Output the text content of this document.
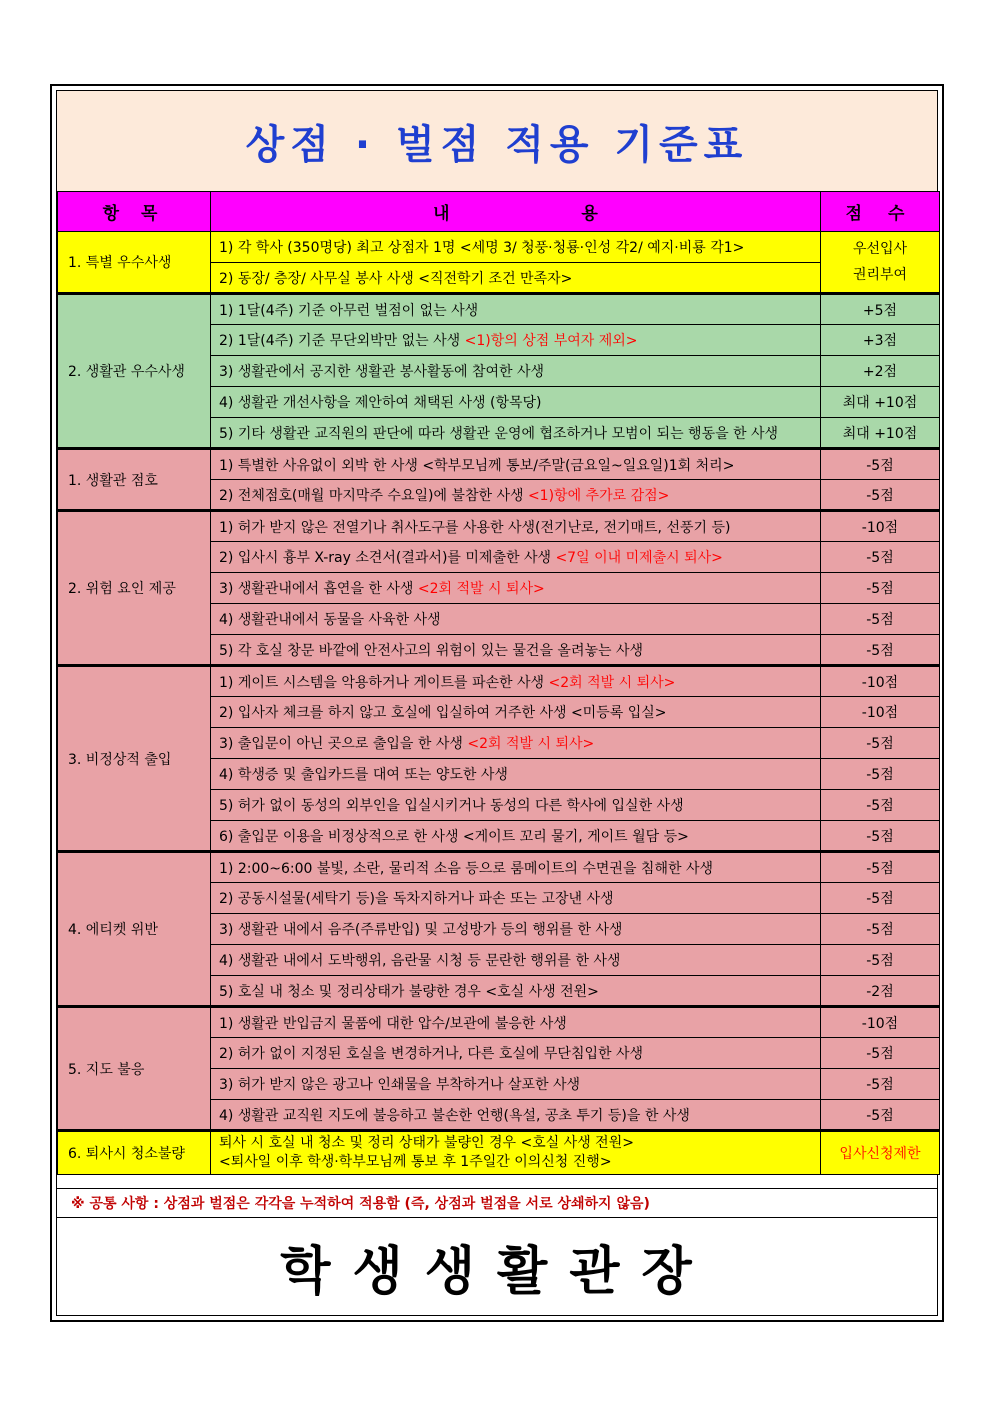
상점 · 벌점 적용 기준표
항 목	내 용	점 수
1. 특별 우수사생	1) 각 학사 (350명당) 최고 상점자 1명 <세명 3/ 청풍·청룡·인성 각2/ 예지·비룡 각1>	우선입사
권리부여
	2) 동장/ 층장/ 사무실 봉사 사생 <직전학기 조건 만족자>	
2. 생활관 우수사생	1) 1달(4주) 기준 아무런 벌점이 없는 사생	+5점
	2) 1달(4주) 기준 무단외박만 없는 사생 <1)항의 상점 부여자 제외>	+3점
	3) 생활관에서 공지한 생활관 봉사활동에 참여한 사생	+2점
	4) 생활관 개선사항을 제안하여 채택된 사생 (항목당)	최대 +10점
	5) 기타 생활관 교직원의 판단에 따라 생활관 운영에 협조하거나 모범이 되는 행동을 한 사생	최대 +10점
1. 생활관 점호	1) 특별한 사유없이 외박 한 사생 <학부모님께 통보/주말(금요일~일요일)1회 처리>	-5점
	2) 전체점호(매월 마지막주 수요일)에 불참한 사생 <1)항에 추가로 감점>	-5점
2. 위험 요인 제공	1) 허가 받지 않은 전열기나 취사도구를 사용한 사생(전기난로, 전기매트, 선풍기 등)	-10점
	2) 입사시 흉부 X-ray 소견서(결과서)를 미제출한 사생 <7일 이내 미제출시 퇴사>	-5점
	3) 생활관내에서 흡연을 한 사생 <2회 적발 시 퇴사>	-5점
	4) 생활관내에서 동물을 사육한 사생	-5점
	5) 각 호실 창문 바깥에 안전사고의 위험이 있는 물건을 올려놓는 사생	-5점
3. 비정상적 출입	1) 게이트 시스템을 악용하거나 게이트를 파손한 사생 <2회 적발 시 퇴사>	-10점
	2) 입사자 체크를 하지 않고 호실에 입실하여 거주한 사생 <미등록 입실>	-10점
	3) 출입문이 아닌 곳으로 출입을 한 사생 <2회 적발 시 퇴사>	-5점
	4) 학생증 및 출입카드를 대여 또는 양도한 사생	-5점
	5) 허가 없이 동성의 외부인을 입실시키거나 동성의 다른 학사에 입실한 사생	-5점
	6) 출입문 이용을 비정상적으로 한 사생 <게이트 꼬리 물기, 게이트 월담 등>	-5점
4. 에티켓 위반	1) 2:00~6:00 불빛, 소란, 물리적 소음 등으로 룸메이트의 수면권을 침해한 사생	-5점
	2) 공동시설물(세탁기 등)을 독차지하거나 파손 또는 고장낸 사생	-5점
	3) 생활관 내에서 음주(주류반입) 및 고성방가 등의 행위를 한 사생	-5점
	4) 생활관 내에서 도박행위, 음란물 시청 등 문란한 행위를 한 사생	-5점
	5) 호실 내 청소 및 정리상태가 불량한 경우 <호실 사생 전원>	-2점
5. 지도 불응	1) 생활관 반입금지 물품에 대한 압수/보관에 불응한 사생	-10점
	2) 허가 없이 지정된 호실을 변경하거나, 다른 호실에 무단침입한 사생	-5점
	3) 허가 받지 않은 광고나 인쇄물을 부착하거나 살포한 사생	-5점
	4) 생활관 교직원 지도에 불응하고 불손한 언행(욕설, 공초 투기 등)을 한 사생	-5점
6. 퇴사시 청소불량	퇴사 시 호실 내 청소 및 정리 상태가 불량인 경우 <호실 사생 전원>
<퇴사일 이후 학생·학부모님께 통보 후 1주일간 이의신청 진행>	입사신청제한
※ 공통 사항 : 상점과 벌점은 각각을 누적하여 적용함 (즉, 상점과 벌점을 서로 상쇄하지 않음)
학생생활관장
